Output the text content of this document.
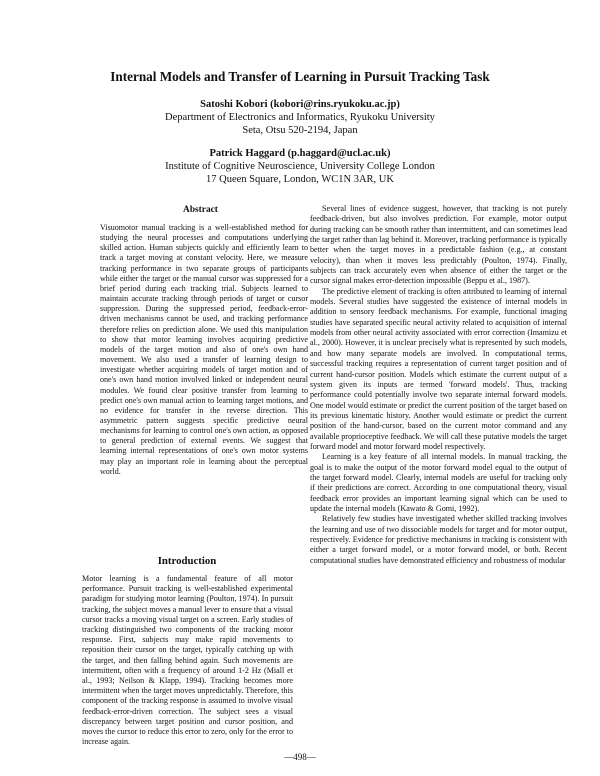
Internal Models and Transfer of Learning in Pursuit Tracking Task
Satoshi Kobori (kobori@rins.ryukoku.ac.jp)
Department of Electronics and Informatics, Ryukoku University
Seta, Otsu 520-2194, Japan
Patrick Haggard (p.haggard@ucl.ac.uk)
Institute of Cognitive Neuroscience, University College London
17 Queen Square, London, WC1N 3AR, UK
Abstract

Visuomotor manual tracking is a well-established method for studying the neural processes and computations underlying skilled action. Human subjects quickly and efficiently learn to track a target moving at constant velocity. Here, we measure tracking performance in two separate groups of participants while either the target or the manual cursor was suppressed for a brief period during each tracking trial. Subjects learned to maintain accurate tracking through periods of target or cursor suppression. During the suppressed period, feedback-error-driven mechanisms cannot be used, and tracking performance therefore relies on prediction alone. We used this manipulation to show that motor learning involves acquiring predictive models of the target motion and also of one's own hand movement. We also used a transfer of learning design to investigate whether acquiring models of target motion and of one's own hand motion involved linked or independent neural modules. We found clear positive transfer from learning to predict one's own manual action to learning target motions, and no evidence for transfer in the reverse direction. This asymmetric pattern suggests specific predictive neural mechanisms for learning to control one's own action, as opposed to general prediction of external events. We suggest that learning internal representations of one's own motor systems may play an important role in learning about the perceptual world.

Introduction

Motor learning is a fundamental feature of all motor performance. Pursuit tracking is well-established experimental paradigm for studying motor learning (Poulton, 1974). In pursuit tracking, the subject moves a manual lever to ensure that a visual cursor tracks a moving visual target on a screen. Early studies of tracking distinguished two components of the tracking motor response. First, subjects may make rapid movements to reposition their cursor on the target, typically catching up with the target, and then falling behind again. Such movements are intermittent, often with a frequency of around 1-2 Hz (Miall et al., 1993; Neilson & Klapp, 1994). Tracking becomes more intermittent when the target moves unpredictably. Therefore, this component of the tracking response is assumed to involve visual feedback-error-driven correction. The subject sees a visual discrepancy between target position and cursor position, and moves the cursor to reduce this error to zero, only for the error to increase again.

Several lines of evidence suggest, however, that tracking is not purely feedback-driven, but also involves prediction. For example, motor output during tracking can be smooth rather than intermittent, and can sometimes lead the target rather than lag behind it. Moreover, tracking performance is typically better when the target moves in a predictable fashion (e.g., at constant velocity), than when it moves less predictably (Poulton, 1974). Finally, subjects can track accurately even when absence of either the target or the cursor signal makes error-detection impossible (Beppu et al., 1987).

The predictive element of tracking is often attributed to learning of internal models. Several studies have suggested the existence of internal models in addition to sensory feedback mechanisms. For example, functional imaging studies have separated specific neural activity related to acquisition of internal models from other neural activity associated with error correction (Imamizu et al., 2000). However, it is unclear precisely what is represented by such models, and how many separate models are involved. In computational terms, successful tracking requires a representation of current target position and of current hand-cursor position. Models which estimate the current output of a system given its inputs are termed 'forward models'. Thus, tracking performance could potentially involve two separate internal forward models. One model would estimate or predict the current position of the target based on its previous kinematic history. Another would estimate or predict the current position of the hand-cursor, based on the current motor command and any available proprioceptive feedback. We will call these putative models the target forward model and motor forward model respectively.

Learning is a key feature of all internal models. In manual tracking, the goal is to make the output of the motor forward model equal to the output of the target forward model. Clearly, internal models are useful for tracking only if their predictions are correct. According to one computational theory, visual feedback error provides an important learning signal which can be used to update the internal models (Kawato & Gomi, 1992).

Relatively few studies have investigated whether skilled tracking involves the learning and use of two dissociable models for target and for motor output, respectively. Evidence for predictive mechanisms in tracking is consistent with either a target forward model, or a motor forward model, or both. Recent computational studies have demonstrated efficiency and robustness of modular

—498—
